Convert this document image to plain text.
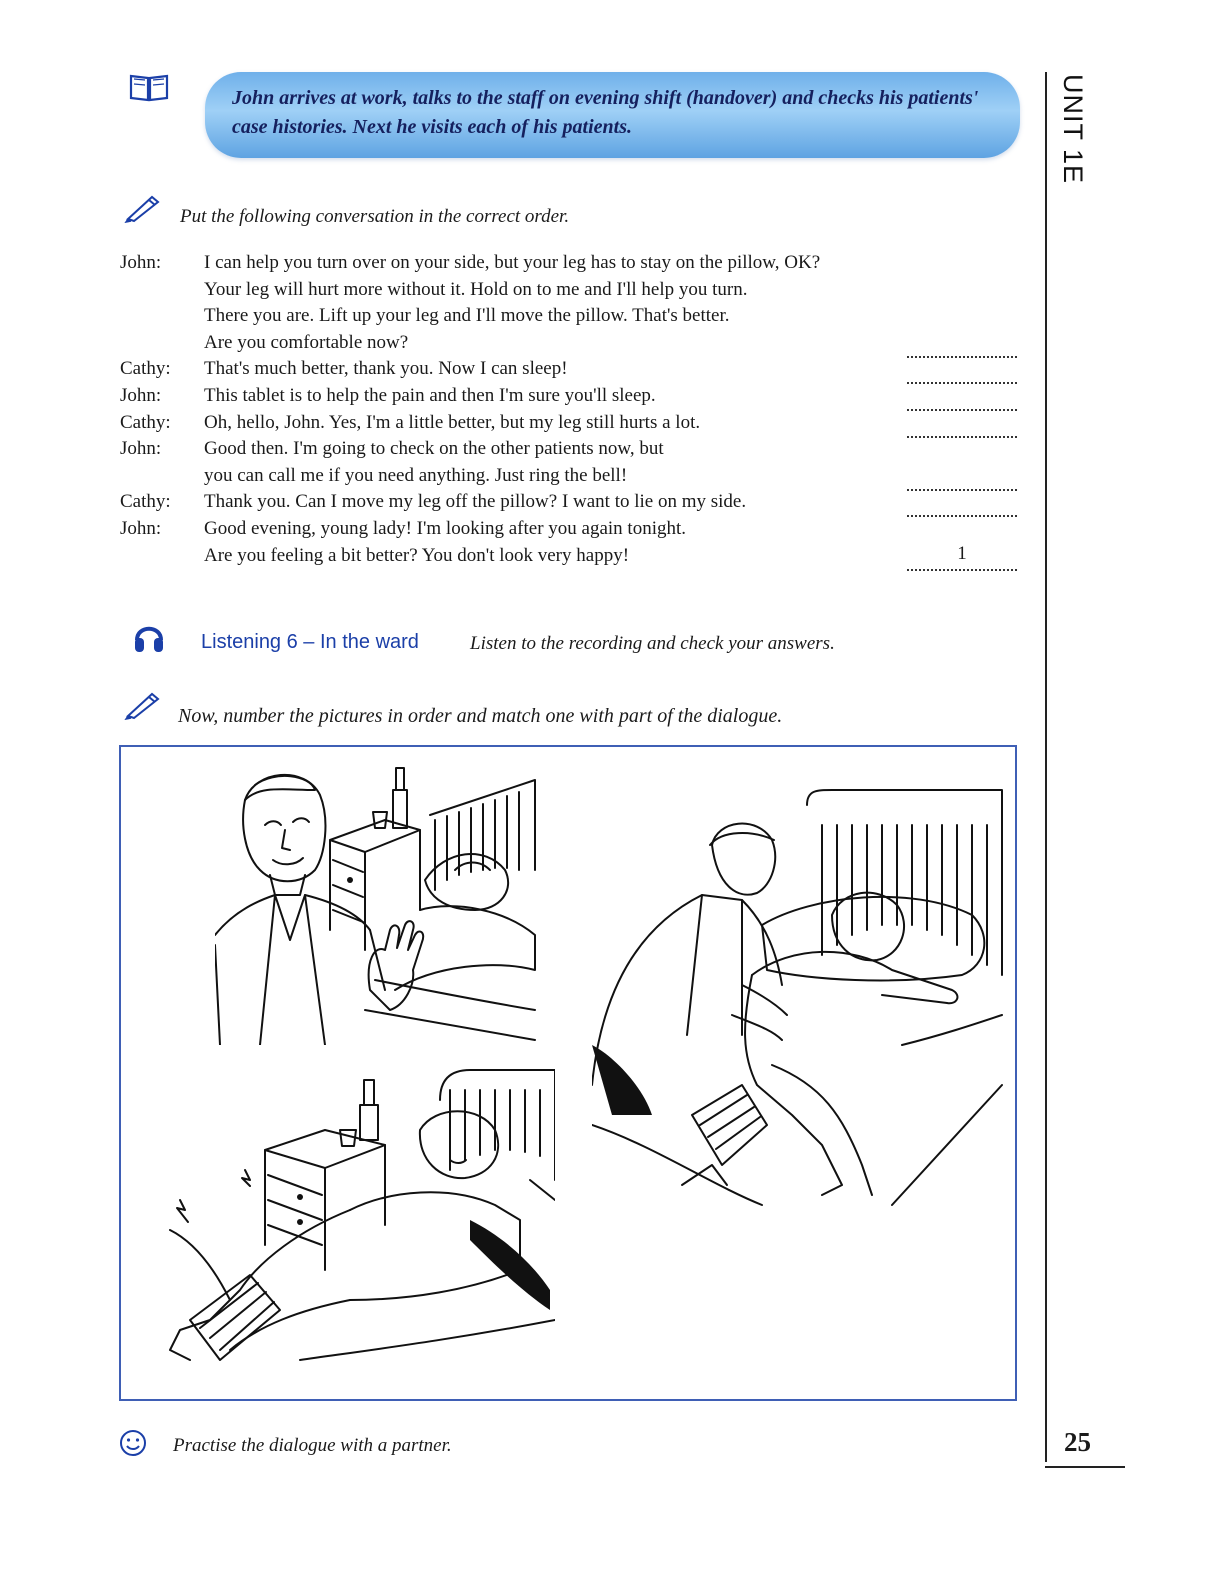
John arrives at work, talks to the staff on evening shift (handover) and checks his patients' case histories. Next he visits each of his patients.	UNIT 1E
25
Put the following conversation in the correct order.
John:	I can help you turn over on your side, but your leg has to stay on the pillow, OK?
Your leg will hurt more without it. Hold on to me and I'll help you turn.
There you are. Lift up your leg and I'll move the pillow. That's better.
Are you comfortable now?
Cathy:	That's much better, thank you. Now I can sleep!
John:	This tablet is to help the pain and then I'm sure you'll sleep.
Cathy:	Oh, hello, John. Yes, I'm a little better, but my leg still hurts a lot.
John:	Good then. I'm going to check on the other patients now, but
you can call me if you need anything. Just ring the bell!
Cathy:	Thank you. Can I move my leg off the pillow? I want to lie on my side.
John:	Good evening, young lady! I'm looking after you again tonight.
Are you feeling a bit better? You don't look very happy!	1
Listening 6 – In the ward	Listen to the recording and check your answers.
Now, number the pictures in order and match one with part of the dialogue.
Practise the dialogue with a partner.
